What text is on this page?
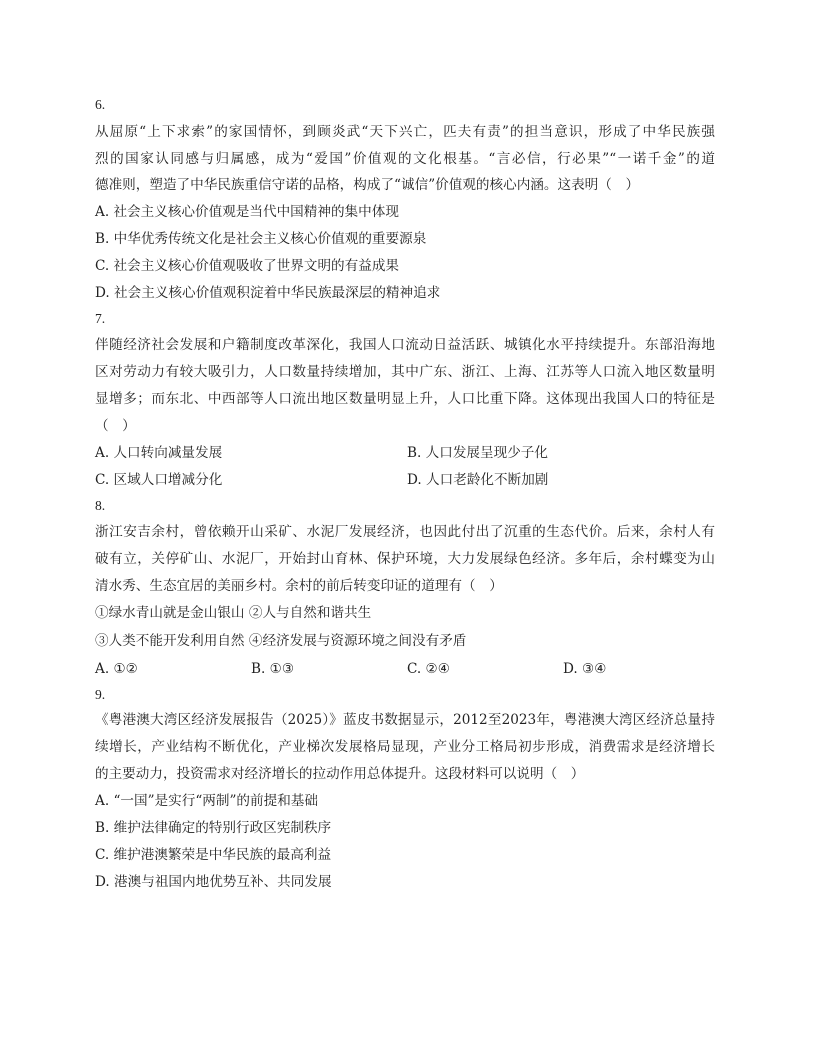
6.
从屈原“上下求索”的家国情怀，到顾炎武“天下兴亡，匹夫有责”的担当意识，形成了中华民族强
烈的国家认同感与归属感，成为“爱国”价值观的文化根基。“言必信，行必果”“一诺千金”的道
德准则，塑造了中华民族重信守诺的品格，构成了“诚信”价值观的核心内涵。这表明（　）
A. 社会主义核心价值观是当代中国精神的集中体现
B. 中华优秀传统文化是社会主义核心价值观的重要源泉
C. 社会主义核心价值观吸收了世界文明的有益成果
D. 社会主义核心价值观积淀着中华民族最深层的精神追求
7.
伴随经济社会发展和户籍制度改革深化，我国人口流动日益活跃、城镇化水平持续提升。东部沿海地
区对劳动力有较大吸引力，人口数量持续增加，其中广东、浙江、上海、江苏等人口流入地区数量明
显增多；而东北、中西部等人口流出地区数量明显上升，人口比重下降。这体现出我国人口的特征是
（　）
A. 人口转向减量发展	B. 人口发展呈现少子化
C. 区域人口增减分化	D. 人口老龄化不断加剧
8.
浙江安吉余村，曾依赖开山采矿、水泥厂发展经济，也因此付出了沉重的生态代价。后来，余村人有
破有立，关停矿山、水泥厂，开始封山育林、保护环境，大力发展绿色经济。多年后，余村蝶变为山
清水秀、生态宜居的美丽乡村。余村的前后转变印证的道理有（　）
①绿水青山就是金山银山 ②人与自然和谐共生
③人类不能开发利用自然 ④经济发展与资源环境之间没有矛盾
A. ①②	B. ①③	C. ②④	D. ③④
9.
《粤港澳大湾区经济发展报告（2025）》蓝皮书数据显示，2012至2023年，粤港澳大湾区经济总量持
续增长，产业结构不断优化，产业梯次发展格局显现，产业分工格局初步形成，消费需求是经济增长
的主要动力，投资需求对经济增长的拉动作用总体提升。这段材料可以说明（　）
A. “一国”是实行“两制”的前提和基础
B. 维护法律确定的特别行政区宪制秩序
C. 维护港澳繁荣是中华民族的最高利益
D. 港澳与祖国内地优势互补、共同发展
